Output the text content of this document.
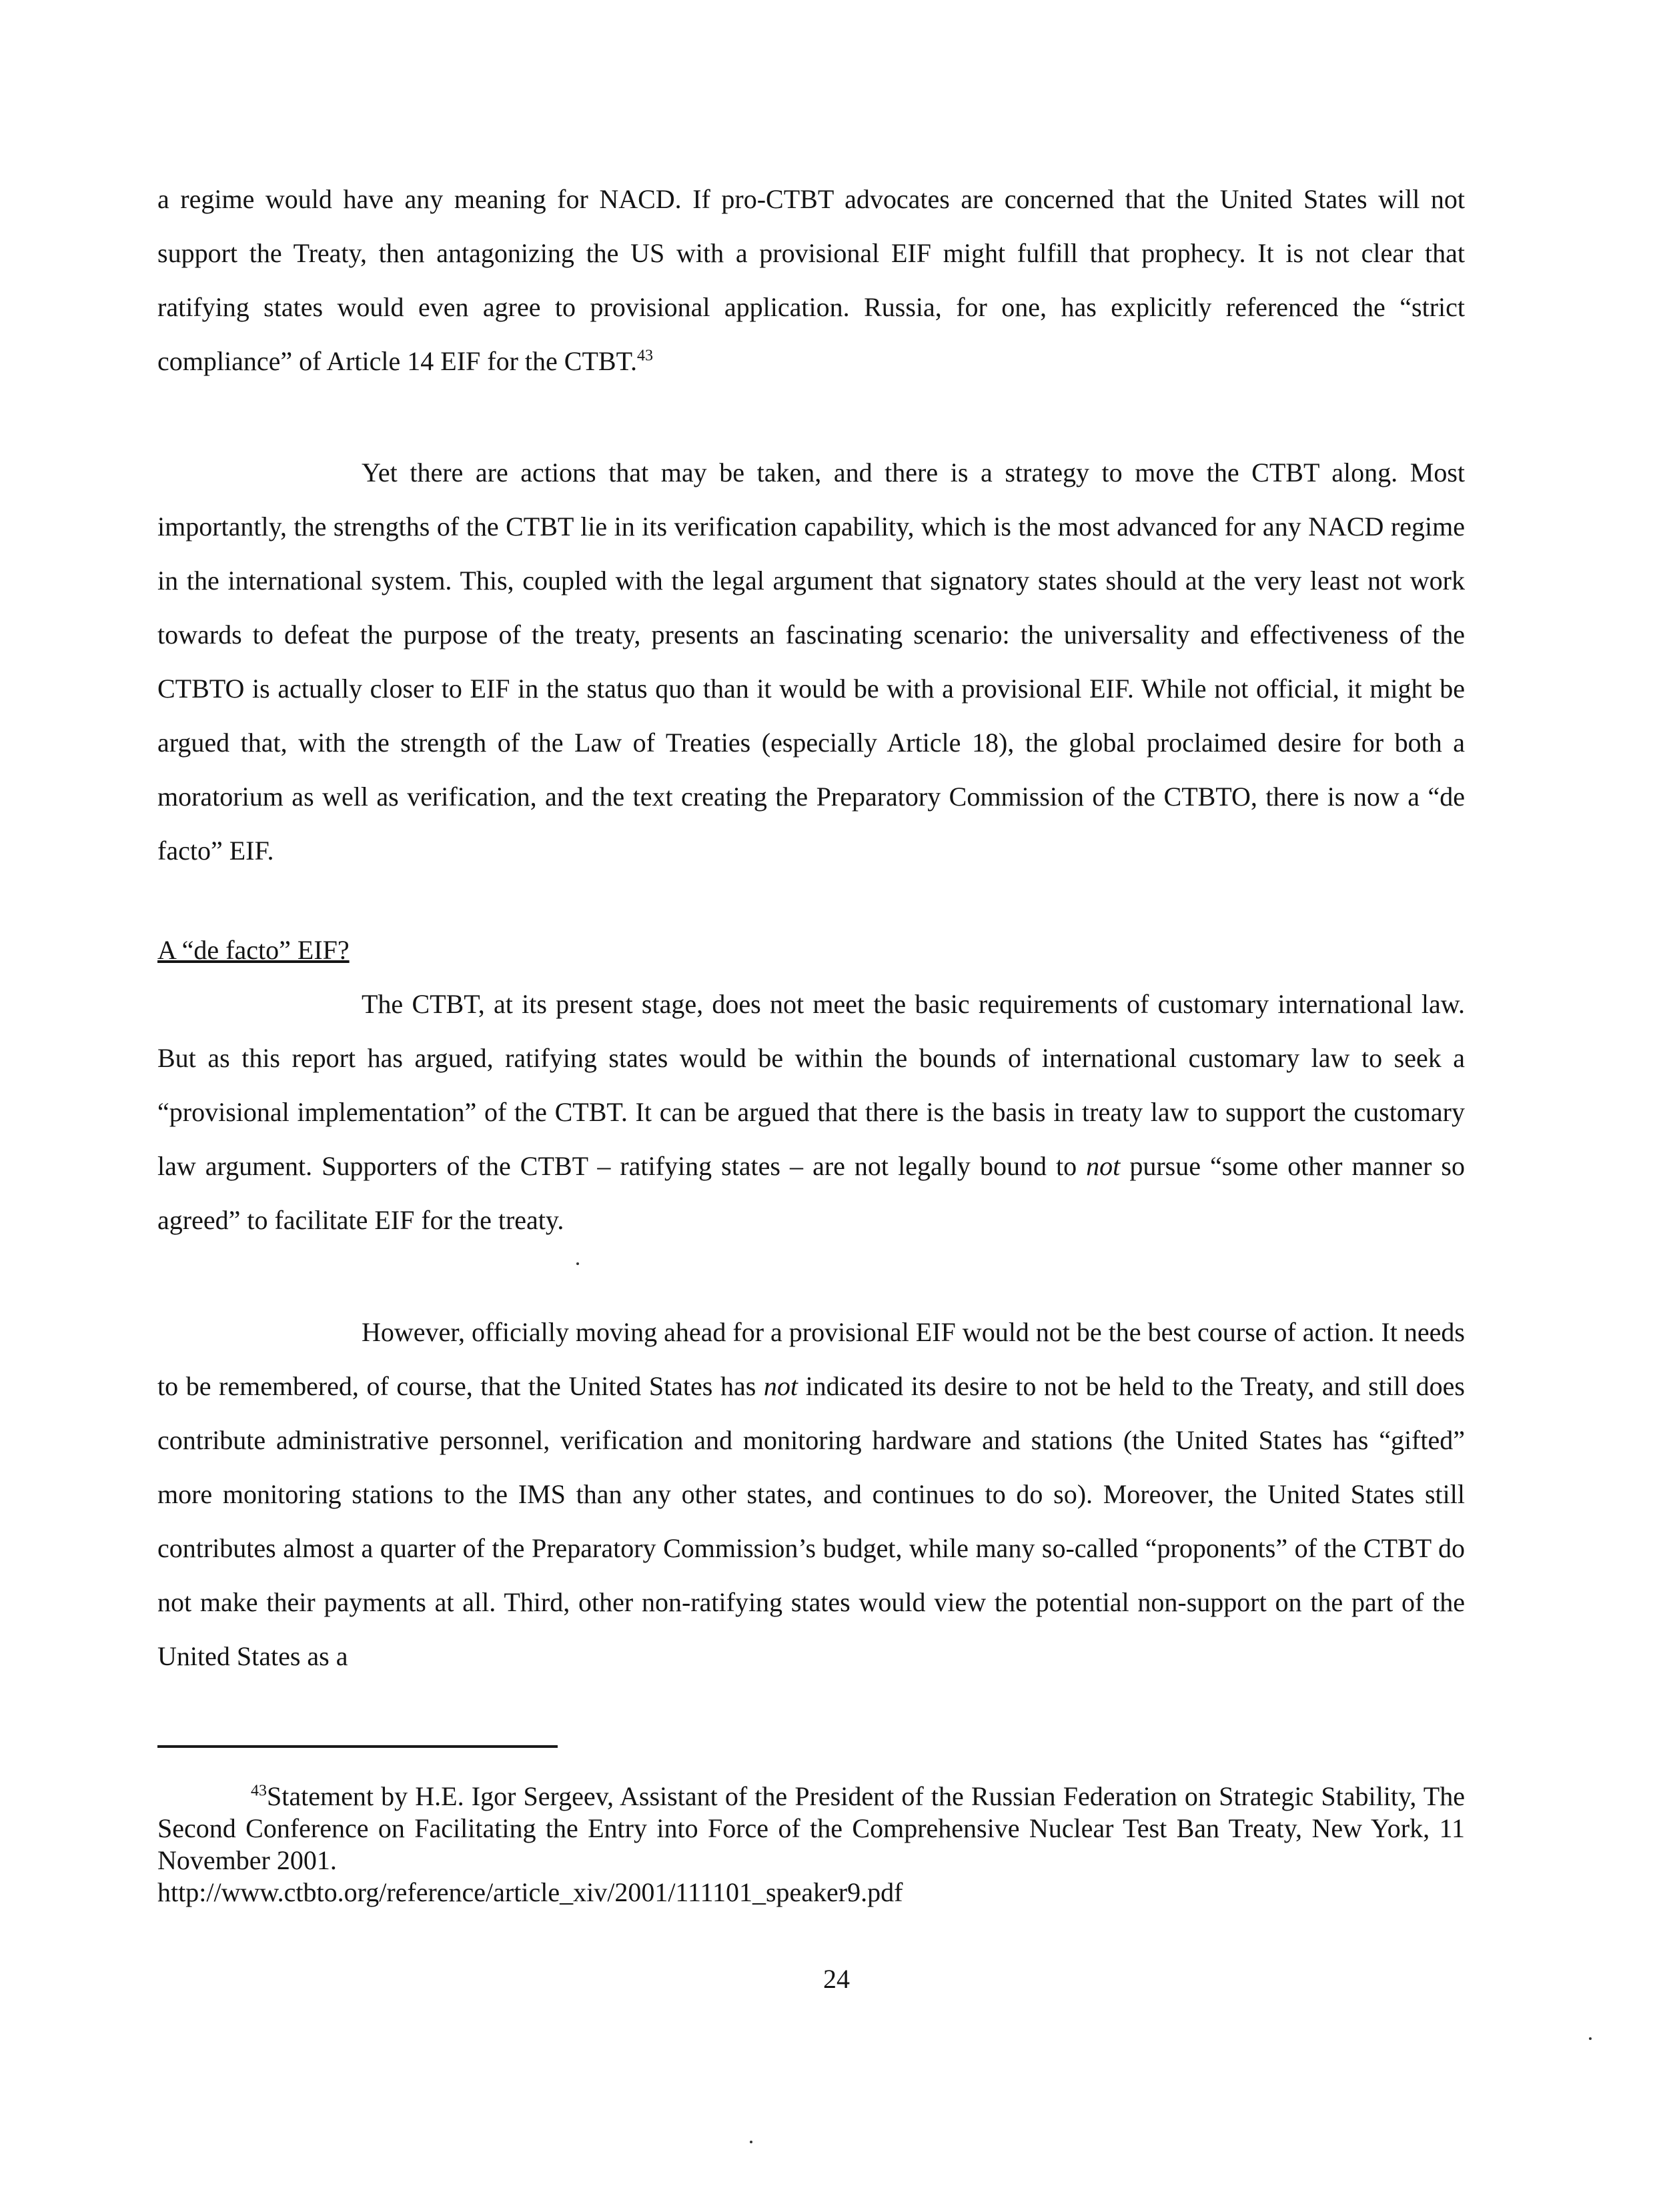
a regime would have any meaning for NACD. If pro-CTBT advocates are concerned that the United States will not support the Treaty, then antagonizing the US with a provisional EIF might fulfill that prophecy. It is not clear that ratifying states would even agree to provisional application. Russia, for one, has explicitly referenced the “strict compliance” of Article 14 EIF for the CTBT.$^{43}$

Yet there are actions that may be taken, and there is a strategy to move the CTBT along. Most importantly, the strengths of the CTBT lie in its verification capability, which is the most advanced for any NACD regime in the international system. This, coupled with the legal argument that signatory states should at the very least not work towards to defeat the purpose of the treaty, presents an fascinating scenario: the universality and effectiveness of the CTBTO is actually closer to EIF in the status quo than it would be with a provisional EIF. While not official, it might be argued that, with the strength of the Law of Treaties (especially Article 18), the global proclaimed desire for both a moratorium as well as verification, and the text creating the Preparatory Commission of the CTBTO, there is now a “de facto” EIF.

A “de facto” EIF?

The CTBT, at its present stage, does not meet the basic requirements of customary international law. But as this report has argued, ratifying states would be within the bounds of international customary law to seek a “provisional implementation” of the CTBT. It can be argued that there is the basis in treaty law to support the customary law argument. Supporters of the CTBT – ratifying states – are not legally bound to not pursue “some other manner so agreed” to facilitate EIF for the treaty.

However, officially moving ahead for a provisional EIF would not be the best course of action. It needs to be remembered, of course, that the United States has not indicated its desire to not be held to the Treaty, and still does contribute administrative personnel, verification and monitoring hardware and stations (the United States has “gifted” more monitoring stations to the IMS than any other states, and continues to do so). Moreover, the United States still contributes almost a quarter of the Preparatory Commission’s budget, while many so-called “proponents” of the CTBT do not make their payments at all. Third, other non-ratifying states would view the potential non-support on the part of the United States as a

$^{43}$Statement by H.E. Igor Sergeev, Assistant of the President of the Russian Federation on Strategic Stability, The Second Conference on Facilitating the Entry into Force of the Comprehensive Nuclear Test Ban Treaty, New York, 11 November 2001.
http://www.ctbto.org/reference/article_xiv/2001/111101_speaker9.pdf
24
